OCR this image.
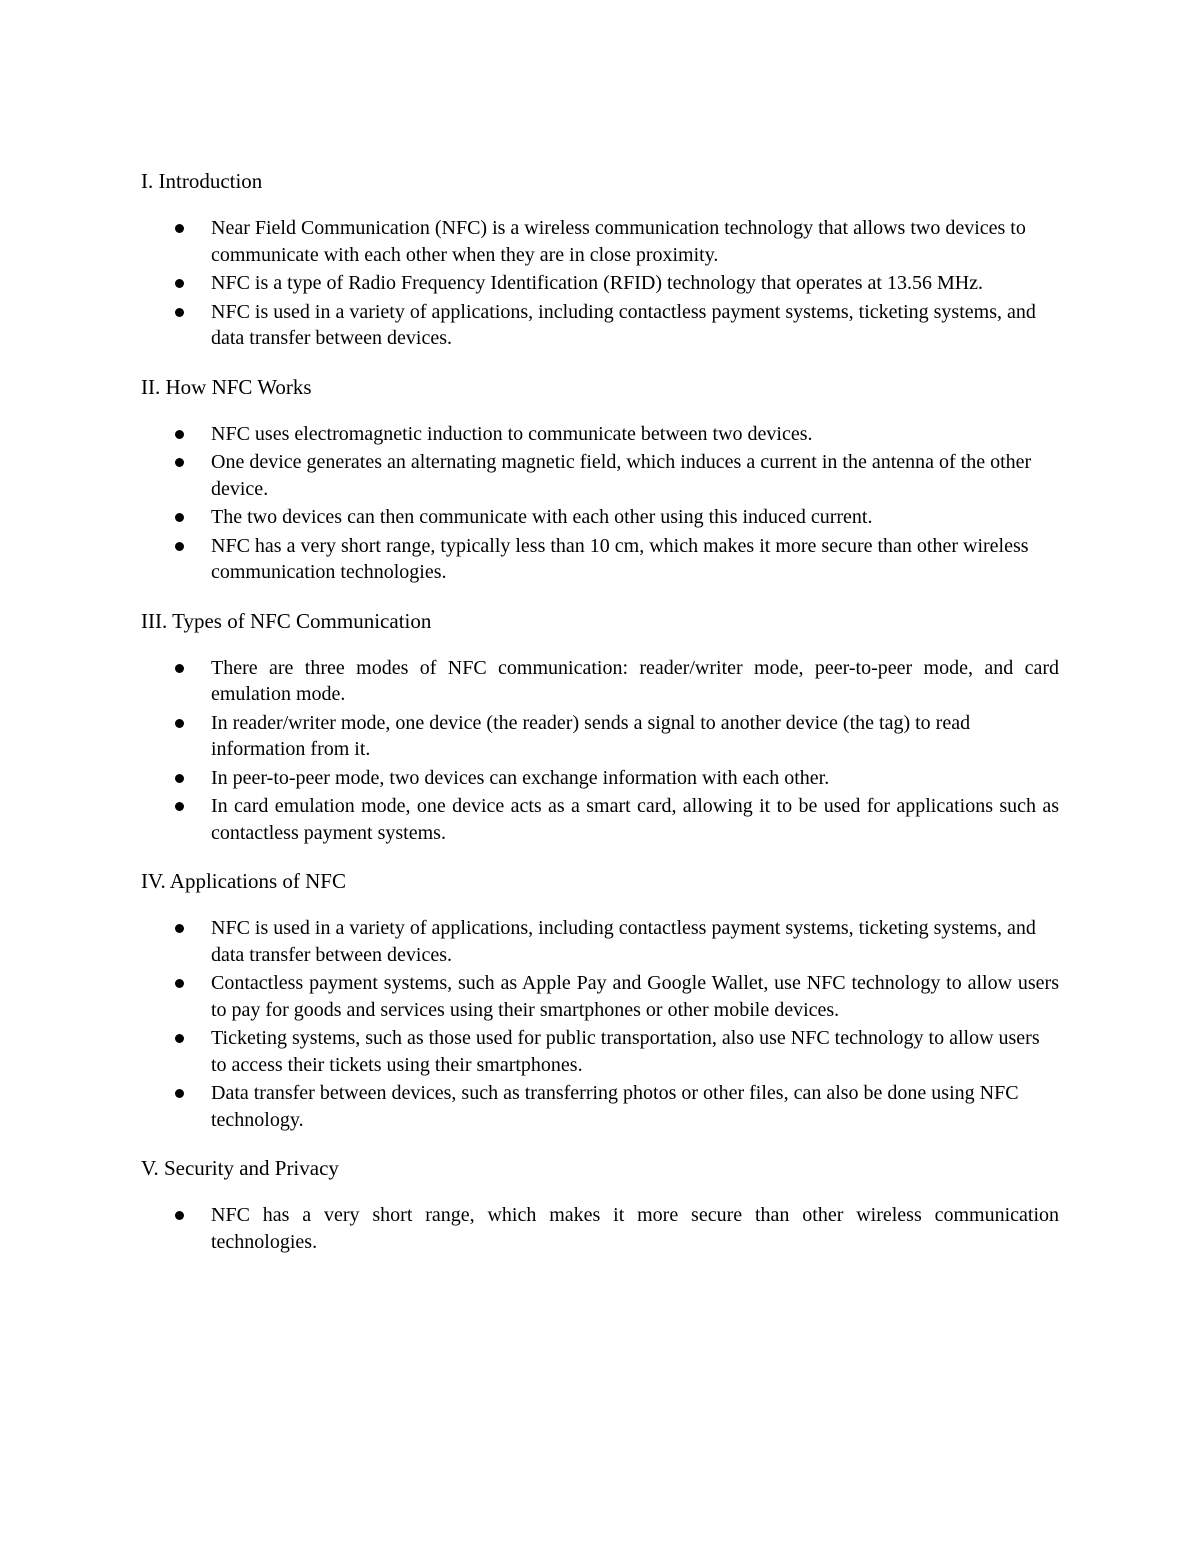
I. Introduction
Near Field Communication (NFC) is a wireless communication technology that allows two devices to communicate with each other when they are in close proximity.
NFC is a type of Radio Frequency Identification (RFID) technology that operates at 13.56 MHz.
NFC is used in a variety of applications, including contactless payment systems, ticketing systems, and data transfer between devices.
II. How NFC Works
NFC uses electromagnetic induction to communicate between two devices.
One device generates an alternating magnetic field, which induces a current in the antenna of the other device.
The two devices can then communicate with each other using this induced current.
NFC has a very short range, typically less than 10 cm, which makes it more secure than other wireless communication technologies.
III. Types of NFC Communication
There are three modes of NFC communication: reader/writer mode, peer-to-peer mode, and card emulation mode.
In reader/writer mode, one device (the reader) sends a signal to another device (the tag) to read information from it.
In peer-to-peer mode, two devices can exchange information with each other.
In card emulation mode, one device acts as a smart card, allowing it to be used for applications such as contactless payment systems.
IV. Applications of NFC
NFC is used in a variety of applications, including contactless payment systems, ticketing systems, and data transfer between devices.
Contactless payment systems, such as Apple Pay and Google Wallet, use NFC technology to allow users to pay for goods and services using their smartphones or other mobile devices.
Ticketing systems, such as those used for public transportation, also use NFC technology to allow users to access their tickets using their smartphones.
Data transfer between devices, such as transferring photos or other files, can also be done using NFC technology.
V. Security and Privacy
NFC has a very short range, which makes it more secure than other wireless communication technologies.
